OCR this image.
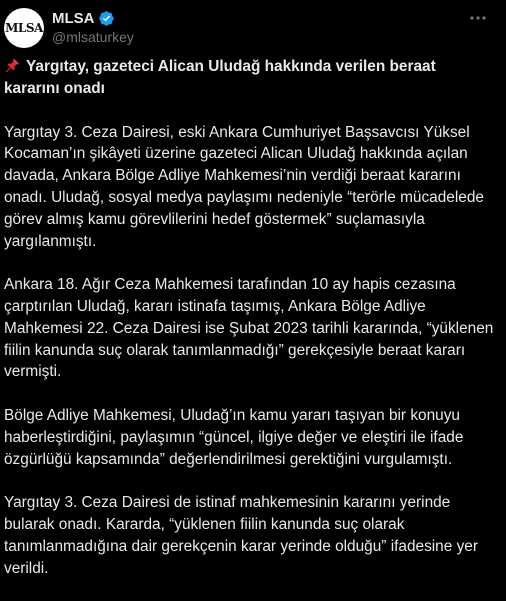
MLSA
MLSA
@mlsaturkey
Yargıtay, gazeteci Alican Uludağ hakkında verilen beraat kararını onadı

Yargıtay 3. Ceza Dairesi, eski Ankara Cumhuriyet Başsavcısı Yüksel Kocaman’ın şikâyeti üzerine gazeteci Alican Uludağ hakkında açılan davada, Ankara Bölge Adliye Mahkemesi’nin verdiği beraat kararını onadı. Uludağ, sosyal medya paylaşımı nedeniyle “terörle mücadelede görev almış kamu görevlilerini hedef göstermek” suçlamasıyla yargılanmıştı.

Ankara 18. Ağır Ceza Mahkemesi tarafından 10 ay hapis cezasına çarptırılan Uludağ, kararı istinafa taşımış, Ankara Bölge Adliye Mahkemesi 22. Ceza Dairesi ise Şubat 2023 tarihli kararında, “yüklenen fiilin kanunda suç olarak tanımlanmadığı” gerekçesiyle beraat kararı vermişti.

Bölge Adliye Mahkemesi, Uludağ’ın kamu yararı taşıyan bir konuyu haberleştirdiğini, paylaşımın “güncel, ilgiye değer ve eleştiri ile ifade özgürlüğü kapsamında” değerlendirilmesi gerektiğini vurgulamıştı.

Yargıtay 3. Ceza Dairesi de istinaf mahkemesinin kararını yerinde bularak onadı. Kararda, “yüklenen fiilin kanunda suç olarak tanımlanmadığına dair gerekçenin karar yerinde olduğu” ifadesine yer verildi.
